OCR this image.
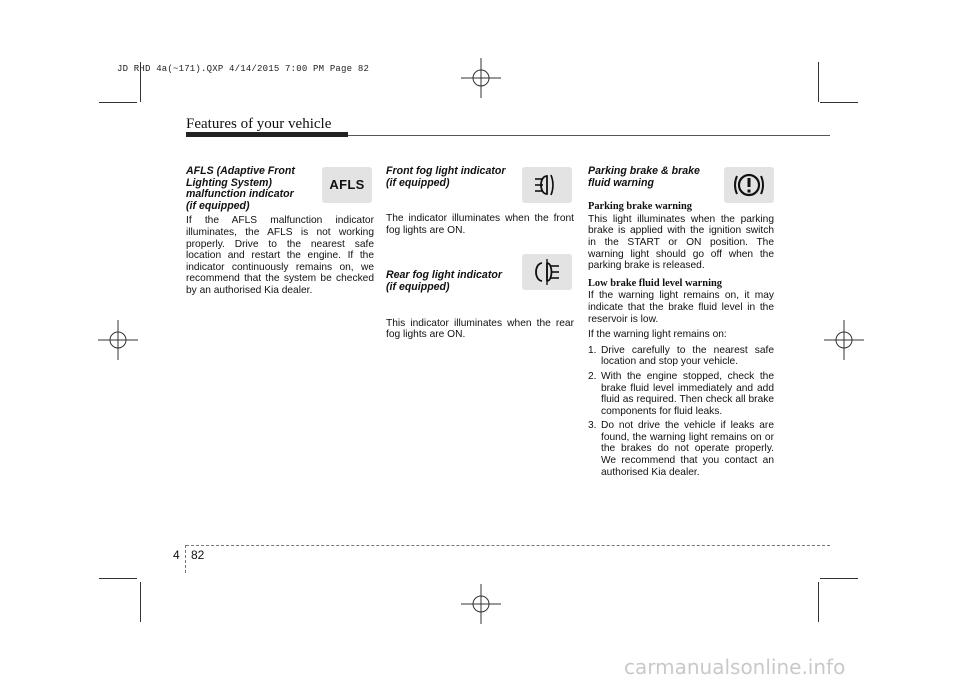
JD RHD 4a(~171).QXP 4/14/2015 7:00 PM Page 82
Features of your vehicle
AFLS (Adaptive Front
Lighting System)
malfunction indicator
(if equipped)

If the AFLS malfunction indicator illuminates, the AFLS is not working properly. Drive to the nearest safe location and restart the engine. If the indicator continuously remains on, we recommend that the system be checked by an authorised Kia dealer.

AFLS
Front fog light indicator
(if equipped)

The indicator illuminates when the front fog lights are ON.

Rear fog light indicator
(if equipped)

This indicator illuminates when the rear fog lights are ON.

Parking brake & brake
fluid warning
Parking brake warning

This light illuminates when the parking brake is applied with the ignition switch in the START or ON position. The warning light should go off when the parking brake is released.

Low brake fluid level warning

If the warning light remains on, it may indicate that the brake fluid level in the reservoir is low.

If the warning light remains on:

1. Drive carefully to the nearest safe location and stop your vehicle.
2. With the engine stopped, check the brake fluid level immediately and add fluid as required. Then check all brake components for fluid leaks.
3. Do not drive the vehicle if leaks are found, the warning light remains on or the brakes do not operate properly. We recommend that you contact an authorised Kia dealer.
4 82
carmanualsonline.info
